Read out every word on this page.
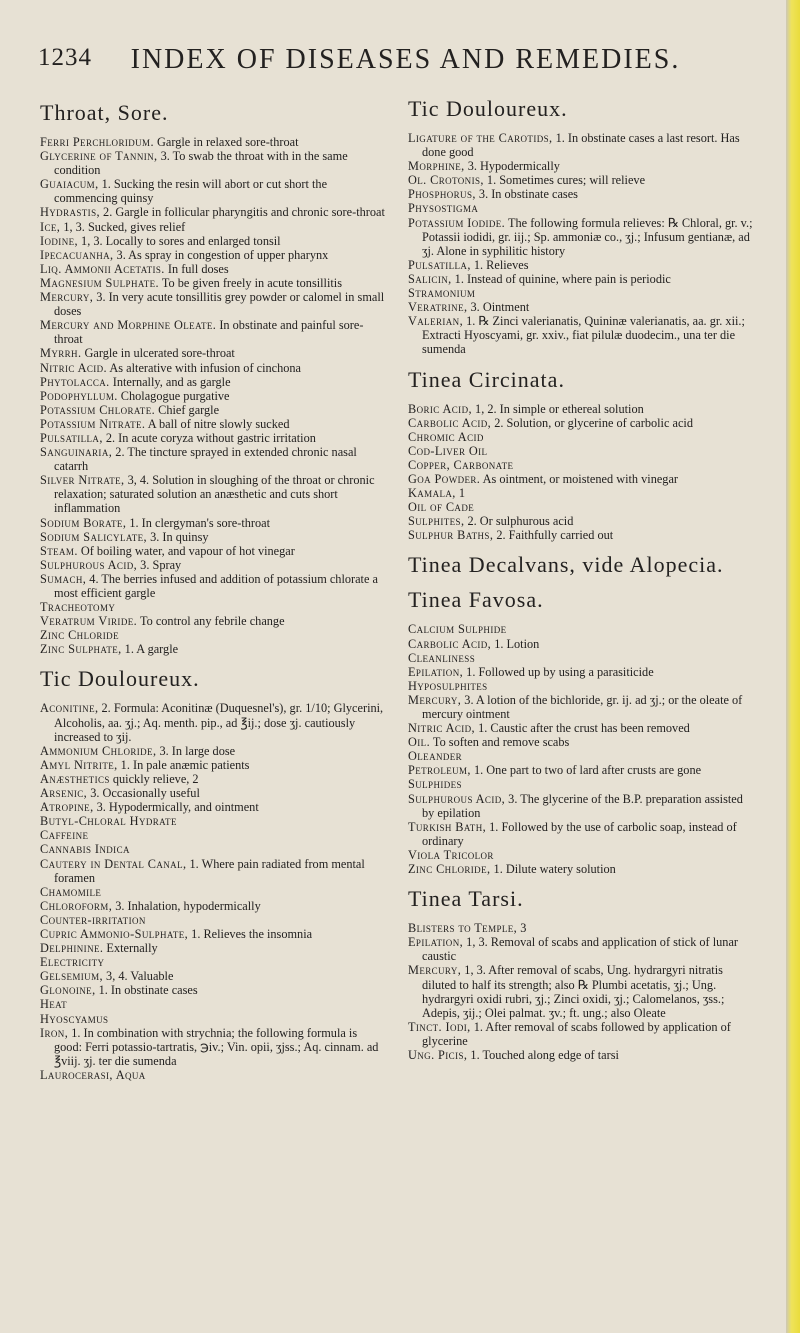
1234	INDEX OF DISEASES AND REMEDIES.
Throat, Sore.

Ferri Perchloridum. Gargle in relaxed sore-throat

Glycerine of Tannin, 3. To swab the throat with in the same condition

Guaiacum, 1. Sucking the resin will abort or cut short the commencing quinsy

Hydrastis, 2. Gargle in follicular pharyngitis and chronic sore-throat

Ice, 1, 3. Sucked, gives relief

Iodine, 1, 3. Locally to sores and enlarged tonsil

Ipecacuanha, 3. As spray in congestion of upper pharynx

Liq. Ammonii Acetatis. In full doses

Magnesium Sulphate. To be given freely in acute tonsillitis

Mercury, 3. In very acute tonsillitis grey powder or calomel in small doses

Mercury and Morphine Oleate. In obstinate and painful sore-throat

Myrrh. Gargle in ulcerated sore-throat

Nitric Acid. As alterative with infusion of cinchona

Phytolacca. Internally, and as gargle

Podophyllum. Cholagogue purgative

Potassium Chlorate. Chief gargle

Potassium Nitrate. A ball of nitre slowly sucked

Pulsatilla, 2. In acute coryza without gastric irritation

Sanguinaria, 2. The tincture sprayed in extended chronic nasal catarrh

Silver Nitrate, 3, 4. Solution in sloughing of the throat or chronic relaxation; saturated solution an anæsthetic and cuts short inflammation

Sodium Borate, 1. In clergyman's sore-throat

Sodium Salicylate, 3. In quinsy

Steam. Of boiling water, and vapour of hot vinegar

Sulphurous Acid, 3. Spray

Sumach, 4. The berries infused and addition of potassium chlorate a most efficient gargle

Tracheotomy

Veratrum Viride. To control any febrile change

Zinc Chloride

Zinc Sulphate, 1. A gargle

Tic Douloureux.

Aconitine, 2. Formula: Aconitinæ (Duquesnel's), gr. 1/10; Glycerini, Alcoholis, aa. ʒj.; Aq. menth. pip., ad ℥ij.; dose ʒj. cautiously increased to ʒij.

Ammonium Chloride, 3. In large dose

Amyl Nitrite, 1. In pale anæmic patients

Anæsthetics quickly relieve, 2

Arsenic, 3. Occasionally useful

Atropine, 3. Hypodermically, and ointment

Butyl-Chloral Hydrate

Caffeine

Cannabis Indica

Cautery in Dental Canal, 1. Where pain radiated from mental foramen

Chamomile

Chloroform, 3. Inhalation, hypodermically

Counter-irritation

Cupric Ammonio-Sulphate, 1. Relieves the insomnia

Delphinine. Externally

Electricity

Gelsemium, 3, 4. Valuable

Glonoine, 1. In obstinate cases

Heat

Hyoscyamus

Iron, 1. In combination with strychnia; the following formula is good: Ferri potassio-tartratis, ℈iv.; Vin. opii, ʒjss.; Aq. cinnam. ad ℥viij. ʒj. ter die sumenda

Laurocerasi, Aqua

Tic Douloureux.

Ligature of the Carotids, 1. In obstinate cases a last resort. Has done good

Morphine, 3. Hypodermically

Ol. Crotonis, 1. Sometimes cures; will relieve

Phosphorus, 3. In obstinate cases

Physostigma

Potassium Iodide. The following formula relieves: ℞ Chloral, gr. v.; Potassii iodidi, gr. iij.; Sp. ammoniæ co., ʒj.; Infusum gentianæ, ad ʒj. Alone in syphilitic history

Pulsatilla, 1. Relieves

Salicin, 1. Instead of quinine, where pain is periodic

Stramonium

Veratrine, 3. Ointment

Valerian, 1. ℞ Zinci valerianatis, Quininæ valerianatis, aa. gr. xii.; Extracti Hyoscyami, gr. xxiv., fiat pilulæ duodecim., una ter die sumenda

Tinea Circinata.

Boric Acid, 1, 2. In simple or ethereal solution

Carbolic Acid, 2. Solution, or glycerine of carbolic acid

Chromic Acid

Cod-Liver Oil

Copper, Carbonate

Goa Powder. As ointment, or moistened with vinegar

Kamala, 1

Oil of Cade

Sulphites, 2. Or sulphurous acid

Sulphur Baths, 2. Faithfully carried out

Tinea Decalvans, vide Alopecia.
Tinea Favosa.

Calcium Sulphide

Carbolic Acid, 1. Lotion

Cleanliness

Epilation, 1. Followed up by using a parasiticide

Hyposulphites

Mercury, 3. A lotion of the bichloride, gr. ij. ad ʒj.; or the oleate of mercury ointment

Nitric Acid, 1. Caustic after the crust has been removed

Oil. To soften and remove scabs

Oleander

Petroleum, 1. One part to two of lard after crusts are gone

Sulphides

Sulphurous Acid, 3. The glycerine of the B.P. preparation assisted by epilation

Turkish Bath, 1. Followed by the use of carbolic soap, instead of ordinary

Viola Tricolor

Zinc Chloride, 1. Dilute watery solution

Tinea Tarsi.

Blisters to Temple, 3

Epilation, 1, 3. Removal of scabs and application of stick of lunar caustic

Mercury, 1, 3. After removal of scabs, Ung. hydrargyri nitratis diluted to half its strength; also ℞ Plumbi acetatis, ʒj.; Ung. hydrargyri oxidi rubri, ʒj.; Zinci oxidi, ʒj.; Calomelanos, ʒss.; Adepis, ʒij.; Olei palmat. ʒv.; ft. ung.; also Oleate

Tinct. Iodi, 1. After removal of scabs followed by application of glycerine

Ung. Picis, 1. Touched along edge of tarsi
